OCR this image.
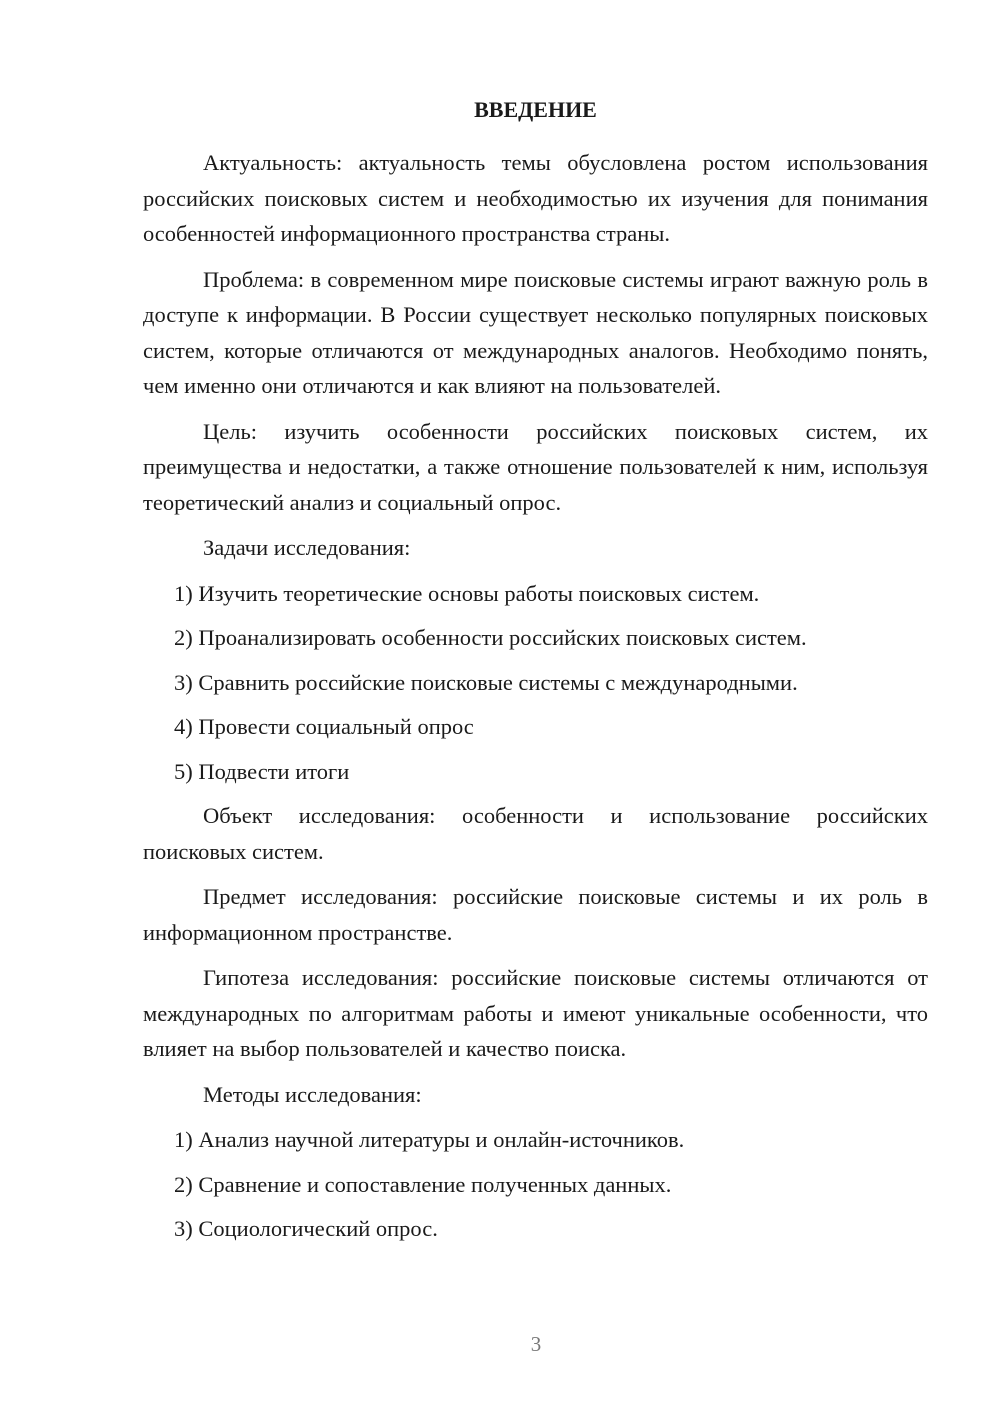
ВВЕДЕНИЕ

Актуальность: актуальность темы обусловлена ростом использования российских поисковых систем и необходимостью их изучения для понимания особенностей информационного пространства страны.

Проблема: в современном мире поисковые системы играют важную роль в доступе к информации. В России существует несколько популярных поисковых систем, которые отличаются от международных аналогов. Необходимо понять, чем именно они отличаются и как влияют на пользователей.

Цель: изучить особенности российских поисковых систем, их преимущества и недостатки, а также отношение пользователей к ним, используя теоретический анализ и социальный опрос.

Задачи исследования:

1) Изучить теоретические основы работы поисковых систем.

2) Проанализировать особенности российских поисковых систем.

3) Сравнить российские поисковые системы с международными.

4) Провести социальный опрос

5) Подвести итоги

Объект исследования: особенности и использование российских поисковых систем.

Предмет исследования: российские поисковые системы и их роль в информационном пространстве.

Гипотеза исследования: российские поисковые системы отличаются от международных по алгоритмам работы и имеют уникальные особенности, что влияет на выбор пользователей и качество поиска.

Методы исследования:

1) Анализ научной литературы и онлайн-источников.

2) Сравнение и сопоставление полученных данных.

3) Социологический опрос.

3
